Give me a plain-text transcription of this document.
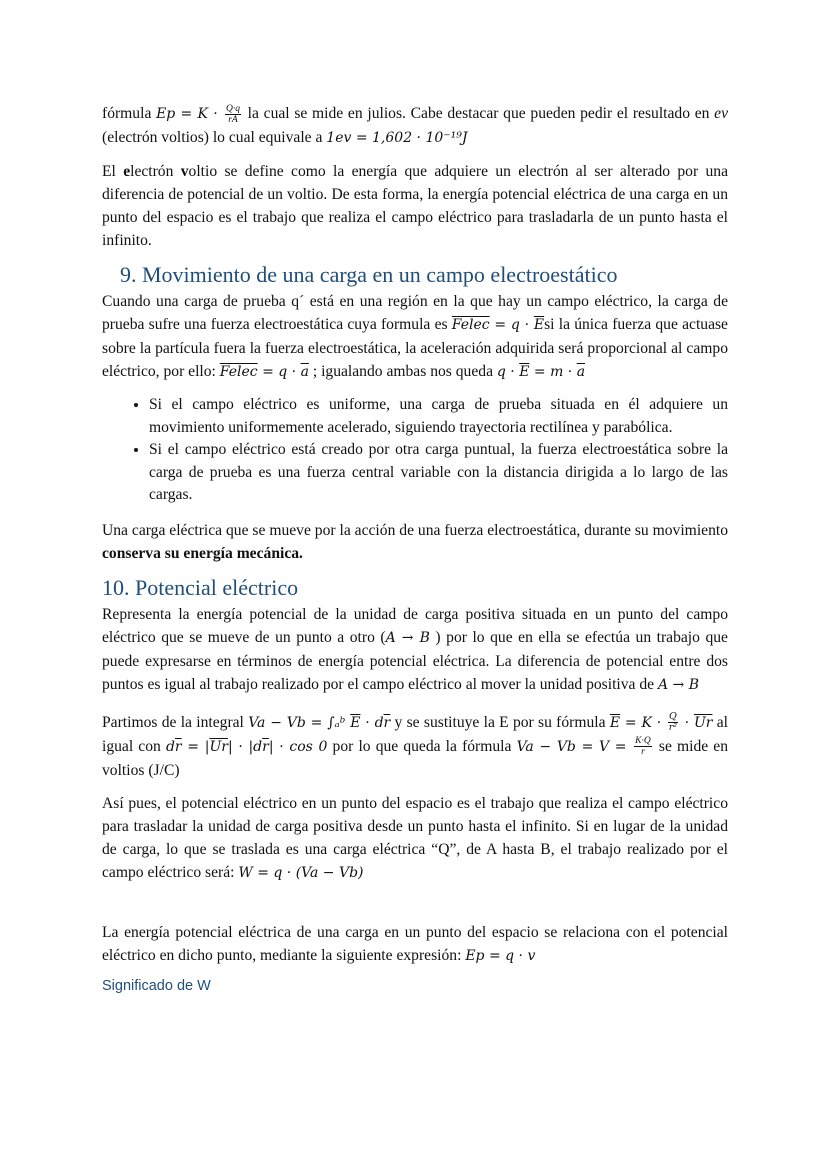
fórmula $Ep = K \cdot \frac{Q\cdot q}{rA}$ la cual se mide en julios. Cabe destacar que pueden pedir el resultado en ev (electrón voltios) lo cual equivale a 1ev = 1,602 · 10⁻¹⁹J

El electrón voltio se define como la energía que adquiere un electrón al ser alterado por una diferencia de potencial de un voltio. De esta forma, la energía potencial eléctrica de una carga en un punto del espacio es el trabajo que realiza el campo eléctrico para trasladarla de un punto hasta el infinito.

9. Movimiento de una carga en un campo electroestático

Cuando una carga de prueba q´ está en una región en la que hay un campo eléctrico, la carga de prueba sufre una fuerza electroestática cuya formula es Felec = $q \cdot \overline{E}si$ la única fuerza que actuase sobre la partícula fuera la fuerza electroestática, la aceleración adquirida será proporcional al campo eléctrico, por ello: Felec = $q \cdot \overline{a}$ ; igualando ambas nos queda $q \cdot \overline{E} = m \cdot \overline{a}$

• Si el campo eléctrico es uniforme, una carga de prueba situada en él adquiere un movimiento uniformemente acelerado, siguiendo trayectoria rectilínea y parabólica.
• Si el campo eléctrico está creado por otra carga puntual, la fuerza electroestática sobre la carga de prueba es una fuerza central variable con la distancia dirigida a lo largo de las cargas.

Una carga eléctrica que se mueve por la acción de una fuerza electroestática, durante su movimiento conserva su energía mecánica.

10. Potencial eléctrico

Representa la energía potencial de la unidad de carga positiva situada en un punto del campo eléctrico que se mueve de un punto a otro (A → B ) por lo que en ella se efectúa un trabajo que puede expresarse en términos de energía potencial eléctrica. La diferencia de potencial entre dos puntos es igual al trabajo realizado por el campo eléctrico al mover la unidad positiva de A → B

Partimos de la integral Va − Vb = ∫ₐᵇ $\overline{E} \cdot d\overline{r}$ y se sustituye la E por su fórmula $\overline{E} = K \cdot \frac{Q}{\text{r²}} \cdot \overline{Ur}$ al igual con $d\overline{r} = |\overline{Ur}| \cdot |d\overline{r}| \cdot \cos 0$ por lo que queda la fórmula $Va - Vb = V = \frac{K\cdot Q}{r}$ se mide en voltios (J/C)

Así pues, el potencial eléctrico en un punto del espacio es el trabajo que realiza el campo eléctrico para trasladar la unidad de carga positiva desde un punto hasta el infinito. Si en lugar de la unidad de carga, lo que se traslada es una carga eléctrica “Q”, de A hasta B, el trabajo realizado por el campo eléctrico será: W = q · (Va − Vb)

La energía potencial eléctrica de una carga en un punto del espacio se relaciona con el potencial eléctrico en dicho punto, mediante la siguiente expresión: Ep = q · v

Significado de W
